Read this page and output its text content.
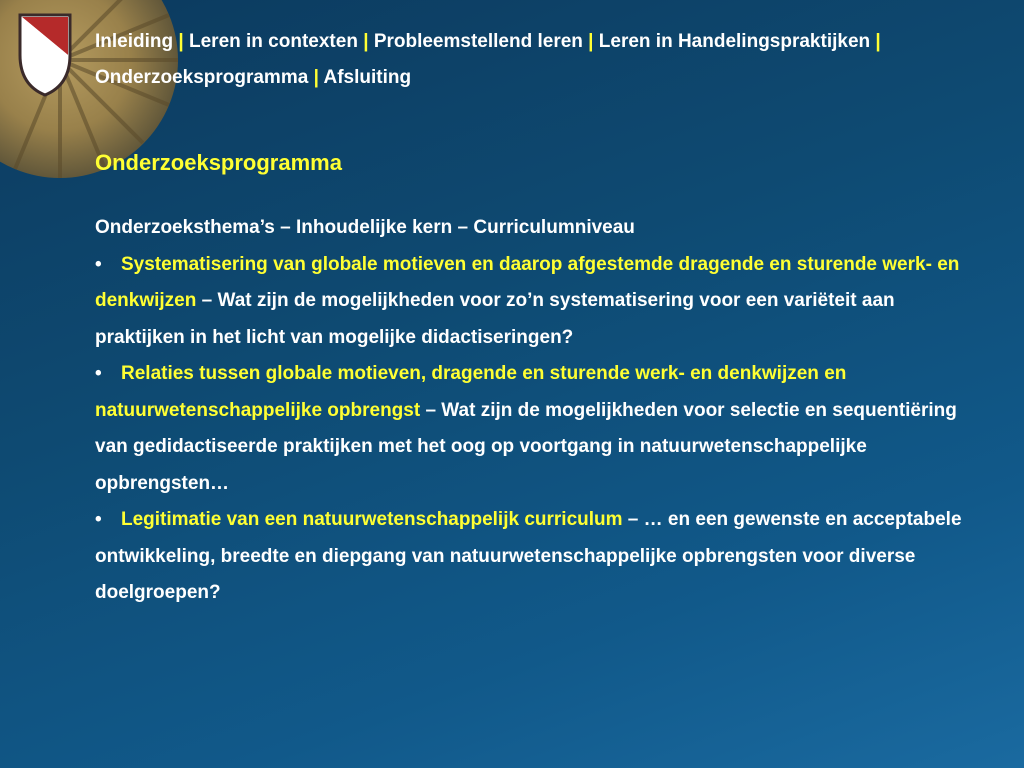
Inleiding | Leren in contexten | Probleemstellend leren | Leren in Handelingspraktijken | Onderzoeksprogramma | Afsluiting
Onderzoeksprogramma

Onderzoeksthema’s – Inhoudelijke kern – Curriculumniveau

• Systematisering van globale motieven en daarop afgestemde dragende en sturende werk- en denkwijzen – Wat zijn de mogelijkheden voor zo’n systematisering voor een variëteit aan praktijken in het licht van mogelijke didactiseringen?

• Relaties tussen globale motieven, dragende en sturende werk- en denkwijzen en natuurwetenschappelijke opbrengst – Wat zijn de mogelijkheden voor selectie en sequentiëring van gedidactiseerde praktijken met het oog op voortgang in natuurwetenschappelijke opbrengsten…

• Legitimatie van een natuurwetenschappelijk curriculum – … en een gewenste en acceptabele ontwikkeling, breedte en diepgang van natuurwetenschappelijke opbrengsten voor diverse doelgroepen?
